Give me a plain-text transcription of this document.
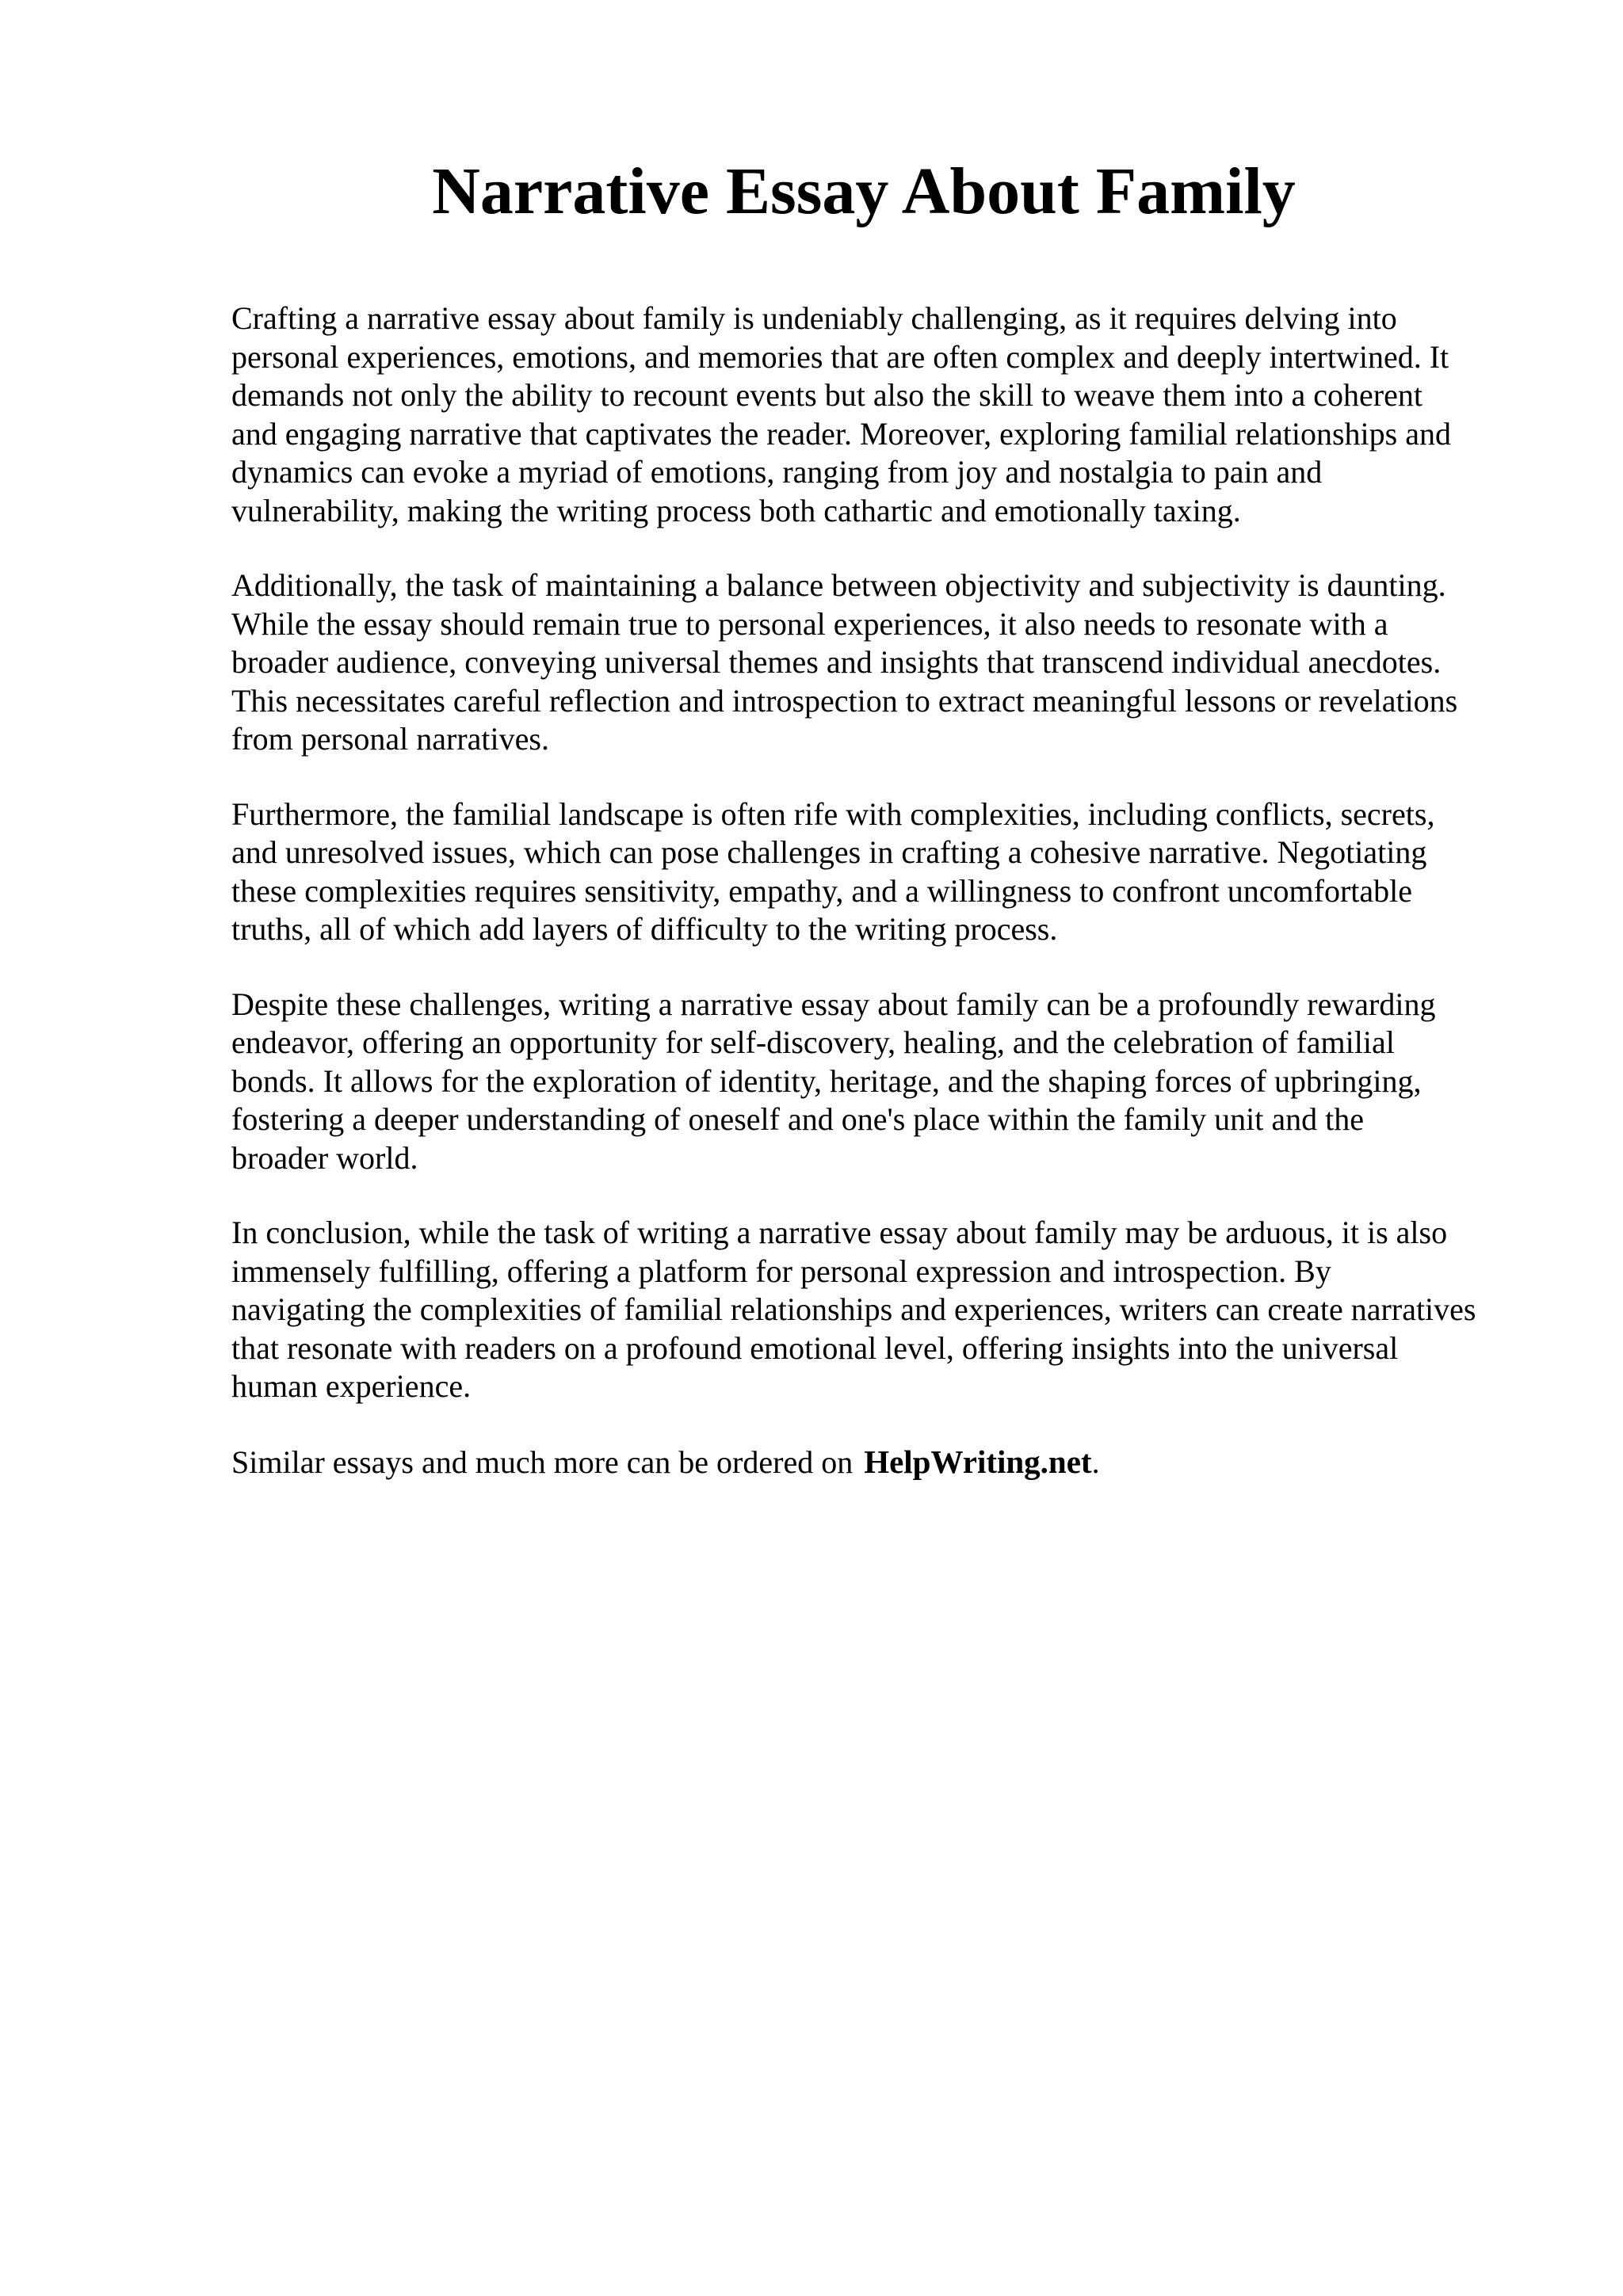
Narrative Essay About Family

Crafting a narrative essay about family is undeniably challenging, as it requires delving into
personal experiences, emotions, and memories that are often complex and deeply intertwined. It
demands not only the ability to recount events but also the skill to weave them into a coherent
and engaging narrative that captivates the reader. Moreover, exploring familial relationships and
dynamics can evoke a myriad of emotions, ranging from joy and nostalgia to pain and
vulnerability, making the writing process both cathartic and emotionally taxing.

Additionally, the task of maintaining a balance between objectivity and subjectivity is daunting.
While the essay should remain true to personal experiences, it also needs to resonate with a
broader audience, conveying universal themes and insights that transcend individual anecdotes.
This necessitates careful reflection and introspection to extract meaningful lessons or revelations
from personal narratives.

Furthermore, the familial landscape is often rife with complexities, including conflicts, secrets,
and unresolved issues, which can pose challenges in crafting a cohesive narrative. Negotiating
these complexities requires sensitivity, empathy, and a willingness to confront uncomfortable
truths, all of which add layers of difficulty to the writing process.

Despite these challenges, writing a narrative essay about family can be a profoundly rewarding
endeavor, offering an opportunity for self-discovery, healing, and the celebration of familial
bonds. It allows for the exploration of identity, heritage, and the shaping forces of upbringing,
fostering a deeper understanding of oneself and one's place within the family unit and the
broader world.

In conclusion, while the task of writing a narrative essay about family may be arduous, it is also
immensely fulfilling, offering a platform for personal expression and introspection. By
navigating the complexities of familial relationships and experiences, writers can create narratives
that resonate with readers on a profound emotional level, offering insights into the universal
human experience.

Similar essays and much more can be ordered on HelpWriting.net.
